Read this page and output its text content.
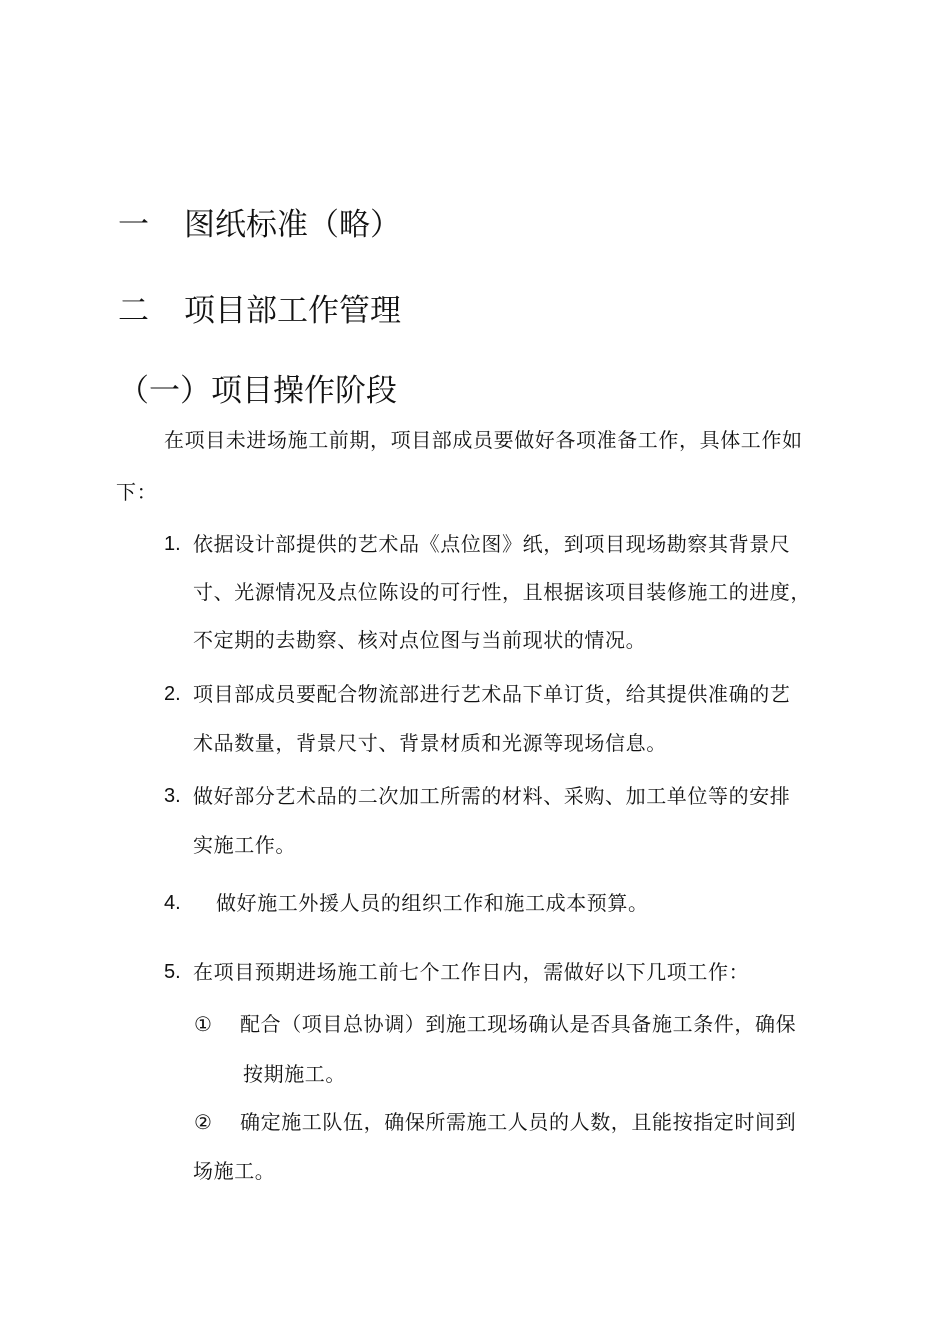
一 图纸标准（略）
二 项目部工作管理
（一）项目操作阶段
在项目未进场施工前期，项目部成员要做好各项准备工作，具体工作如
下：
1. 依据设计部提供的艺术品《点位图》纸，到项目现场勘察其背景尺
寸、光源情况及点位陈设的可行性，且根据该项目装修施工的进度，
不定期的去勘察、核对点位图与当前现状的情况。
2. 项目部成员要配合物流部进行艺术品下单订货，给其提供准确的艺
术品数量，背景尺寸、背景材质和光源等现场信息。
3. 做好部分艺术品的二次加工所需的材料、采购、加工单位等的安排
实施工作。
4. 做好施工外援人员的组织工作和施工成本预算。
5. 在项目预期进场施工前七个工作日内，需做好以下几项工作：
① 配合（项目总协调）到施工现场确认是否具备施工条件，确保
按期施工。
② 确定施工队伍，确保所需施工人员的人数，且能按指定时间到
场施工。
